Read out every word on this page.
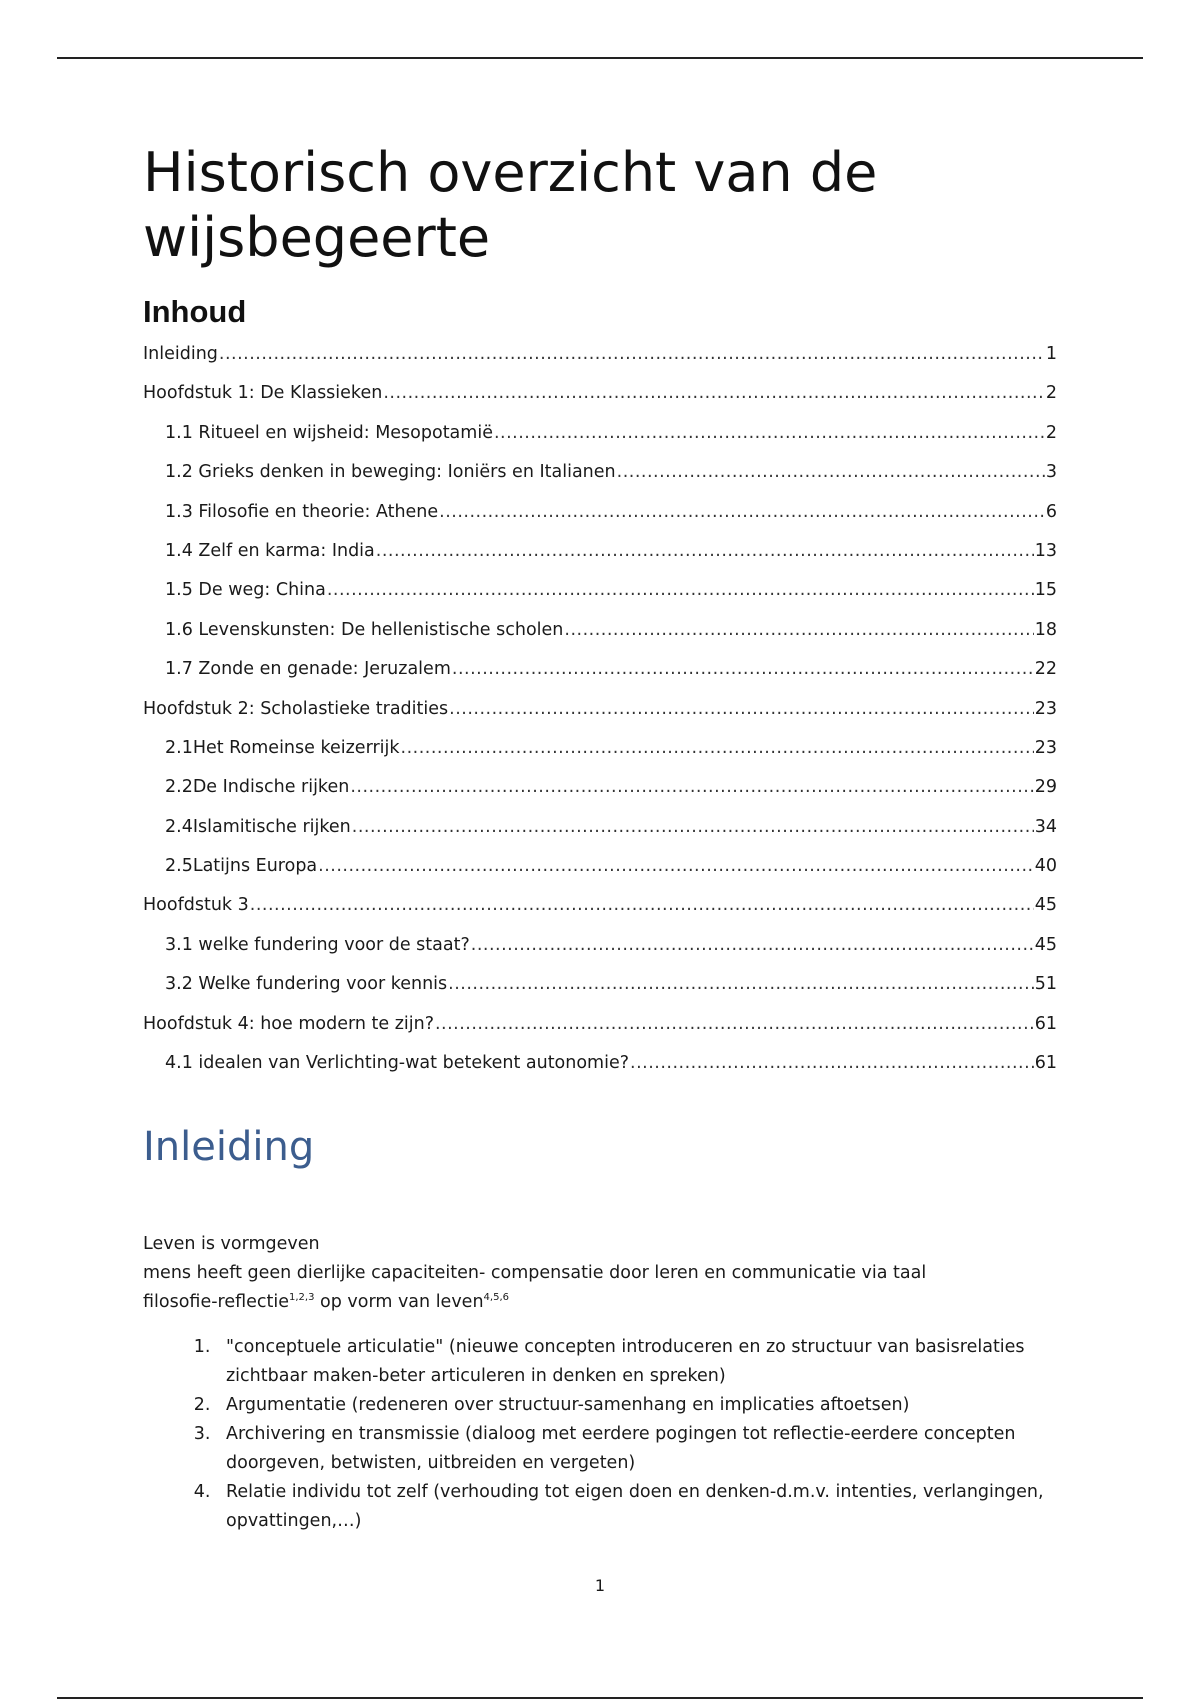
Historisch overzicht van de wijsbegeerte
Inhoud
Inleiding .....	1
Hoofdstuk 1: De Klassieken .....	2
1.1 Ritueel en wijsheid: Mesopotamië .....	2
1.2 Grieks denken in beweging: Ioniërs en Italianen .....	3
1.3 Filosofie en theorie: Athene .....	6
1.4 Zelf en karma: India .....	13
1.5 De weg: China .....	15
1.6 Levenskunsten: De hellenistische scholen .....	18
1.7 Zonde en genade: Jeruzalem .....	22
Hoofdstuk 2: Scholastieke tradities .....	23
2.1Het Romeinse keizerrijk .....	23
2.2De Indische rijken .....	29
2.4Islamitische rijken .....	34
2.5Latijns Europa .....	40
Hoofdstuk 3 .....	45
3.1 welke fundering voor de staat? .....	45
3.2 Welke fundering voor kennis .....	51
Hoofdstuk 4: hoe modern te zijn? .....	61
4.1 idealen van Verlichting-wat betekent autonomie? .....	61
Inleiding

Leven is vormgeven

mens heeft geen dierlijke capaciteiten- compensatie door leren en communicatie via taal

filosofie-reflectie$^{1,2,3}$ op vorm van leven$^{4,5,6}$

1. "conceptuele articulatie" (nieuwe concepten introduceren en zo structuur van basisrelaties zichtbaar maken-beter articuleren in denken en spreken)
2. Argumentatie (redeneren over structuur-samenhang en implicaties aftoetsen)
3. Archivering en transmissie (dialoog met eerdere pogingen tot reflectie-eerdere concepten doorgeven, betwisten, uitbreiden en vergeten)
4. Relatie individu tot zelf (verhouding tot eigen doen en denken-d.m.v. intenties, verlangingen, opvattingen,…)
1
